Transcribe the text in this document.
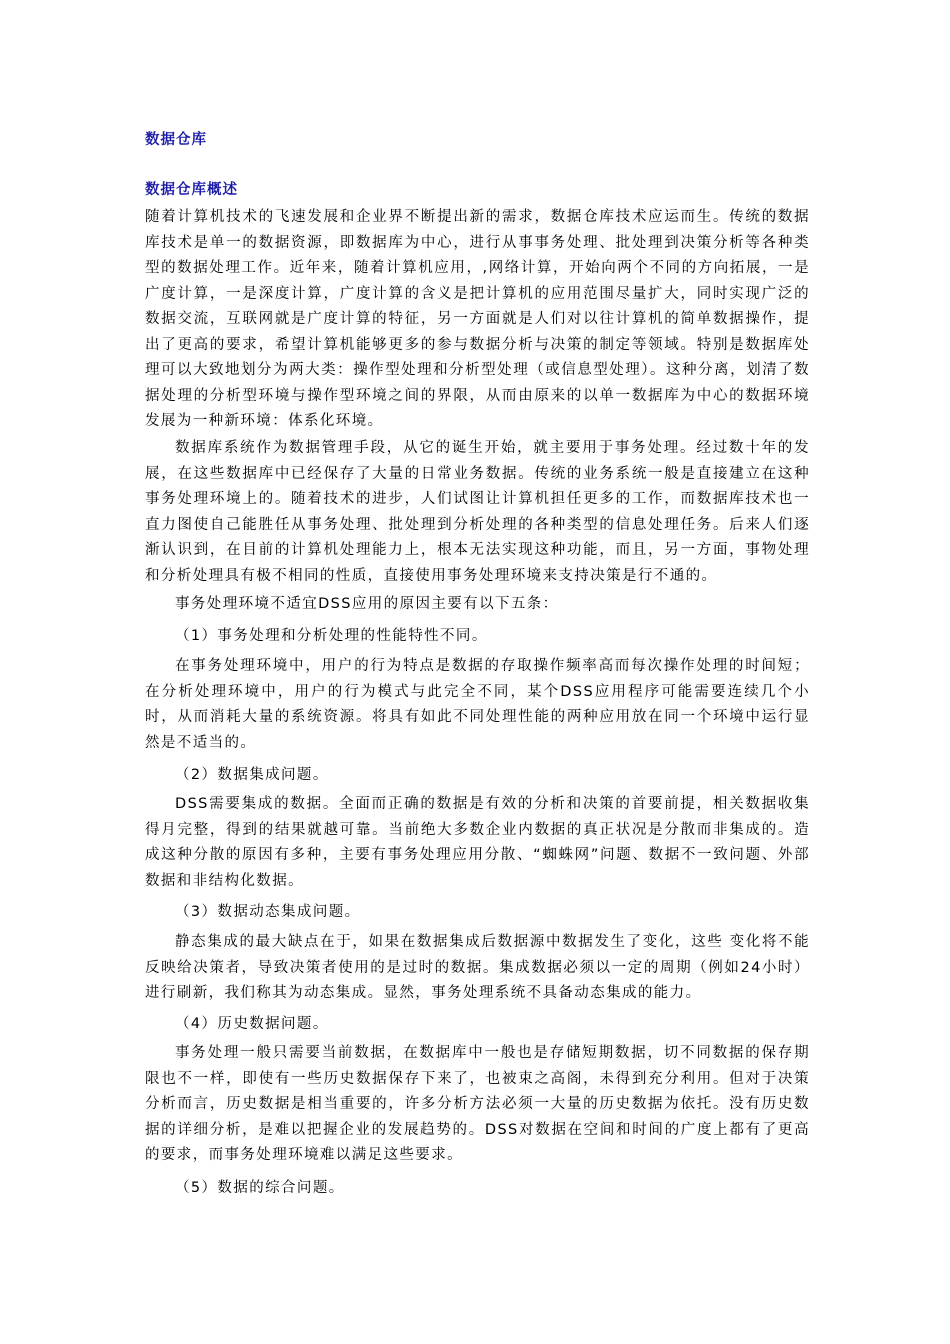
数据仓库
数据仓库概述

随着计算机技术的飞速发展和企业界不断提出新的需求，数据仓库技术应运而生。传统的数据库技术是单一的数据资源，即数据库为中心，进行从事事务处理、批处理到决策分析等各种类型的数据处理工作。近年来，随着计算机应用，,网络计算，开始向两个不同的方向拓展，一是广度计算，一是深度计算，广度计算的含义是把计算机的应用范围尽量扩大，同时实现广泛的数据交流，互联网就是广度计算的特征，另一方面就是人们对以往计算机的简单数据操作，提出了更高的要求，希望计算机能够更多的参与数据分析与决策的制定等领域。特别是数据库处理可以大致地划分为两大类：操作型处理和分析型处理（或信息型处理）。这种分离，划清了数据处理的分析型环境与操作型环境之间的界限，从而由原来的以单一数据库为中心的数据环境发展为一种新环境：体系化环境。

数据库系统作为数据管理手段，从它的诞生开始，就主要用于事务处理。经过数十年的发展，在这些数据库中已经保存了大量的日常业务数据。传统的业务系统一般是直接建立在这种事务处理环境上的。随着技术的进步，人们试图让计算机担任更多的工作，而数据库技术也一直力图使自己能胜任从事务处理、批处理到分析处理的各种类型的信息处理任务。后来人们逐渐认识到，在目前的计算机处理能力上，根本无法实现这种功能，而且，另一方面，事物处理和分析处理具有极不相同的性质，直接使用事务处理环境来支持决策是行不通的。

事务处理环境不适宜DSS应用的原因主要有以下五条：

（1）事务处理和分析处理的性能特性不同。

在事务处理环境中，用户的行为特点是数据的存取操作频率高而每次操作处理的时间短；在分析处理环境中，用户的行为模式与此完全不同，某个DSS应用程序可能需要连续几个小时，从而消耗大量的系统资源。将具有如此不同处理性能的两种应用放在同一个环境中运行显然是不适当的。

（2）数据集成问题。

DSS需要集成的数据。全面而正确的数据是有效的分析和决策的首要前提，相关数据收集得月完整，得到的结果就越可靠。当前绝大多数企业内数据的真正状况是分散而非集成的。造成这种分散的原因有多种，主要有事务处理应用分散、“蜘蛛网”问题、数据不一致问题、外部数据和非结构化数据。

（3）数据动态集成问题。

静态集成的最大缺点在于，如果在数据集成后数据源中数据发生了变化，这些 变化将不能反映给决策者，导致决策者使用的是过时的数据。集成数据必须以一定的周期（例如24小时）进行刷新，我们称其为动态集成。显然，事务处理系统不具备动态集成的能力。

（4）历史数据问题。

事务处理一般只需要当前数据，在数据库中一般也是存储短期数据，切不同数据的保存期限也不一样，即使有一些历史数据保存下来了，也被束之高阁，未得到充分利用。但对于决策分析而言，历史数据是相当重要的，许多分析方法必须一大量的历史数据为依托。没有历史数据的详细分析，是难以把握企业的发展趋势的。DSS对数据在空间和时间的广度上都有了更高的要求，而事务处理环境难以满足这些要求。

（5）数据的综合问题。
